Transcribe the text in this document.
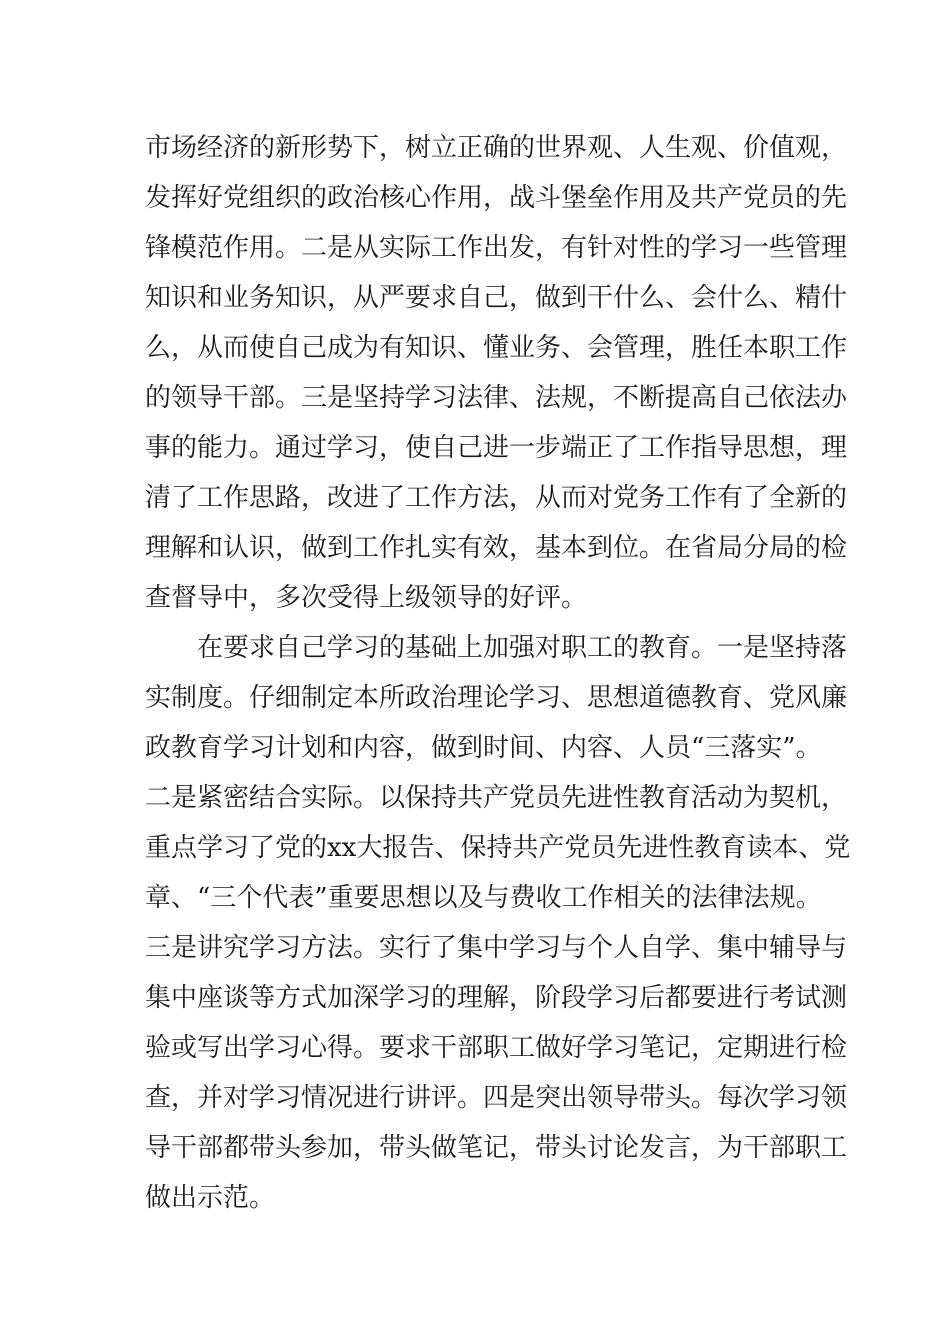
市场经济的新形势下，树立正确的世界观、人生观、价值观，
发挥好党组织的政治核心作用，战斗堡垒作用及共产党员的先
锋模范作用。二是从实际工作出发，有针对性的学习一些管理
知识和业务知识，从严要求自己，做到干什么、会什么、精什
么，从而使自己成为有知识、懂业务、会管理，胜任本职工作
的领导干部。三是坚持学习法律、法规，不断提高自己依法办
事的能力。通过学习，使自己进一步端正了工作指导思想，理
清了工作思路，改进了工作方法，从而对党务工作有了全新的
理解和认识，做到工作扎实有效，基本到位。在省局分局的检
查督导中，多次受得上级领导的好评。
在要求自己学习的基础上加强对职工的教育。一是坚持落
实制度。仔细制定本所政治理论学习、思想道德教育、党风廉
政教育学习计划和内容，做到时间、内容、人员“三落实”。
二是紧密结合实际。以保持共产党员先进性教育活动为契机，
重点学习了党的xx大报告、保持共产党员先进性教育读本、党
章、“三个代表”重要思想以及与费收工作相关的法律法规。
三是讲究学习方法。实行了集中学习与个人自学、集中辅导与
集中座谈等方式加深学习的理解，阶段学习后都要进行考试测
验或写出学习心得。要求干部职工做好学习笔记，定期进行检
查，并对学习情况进行讲评。四是突出领导带头。每次学习领
导干部都带头参加，带头做笔记，带头讨论发言，为干部职工
做出示范。
